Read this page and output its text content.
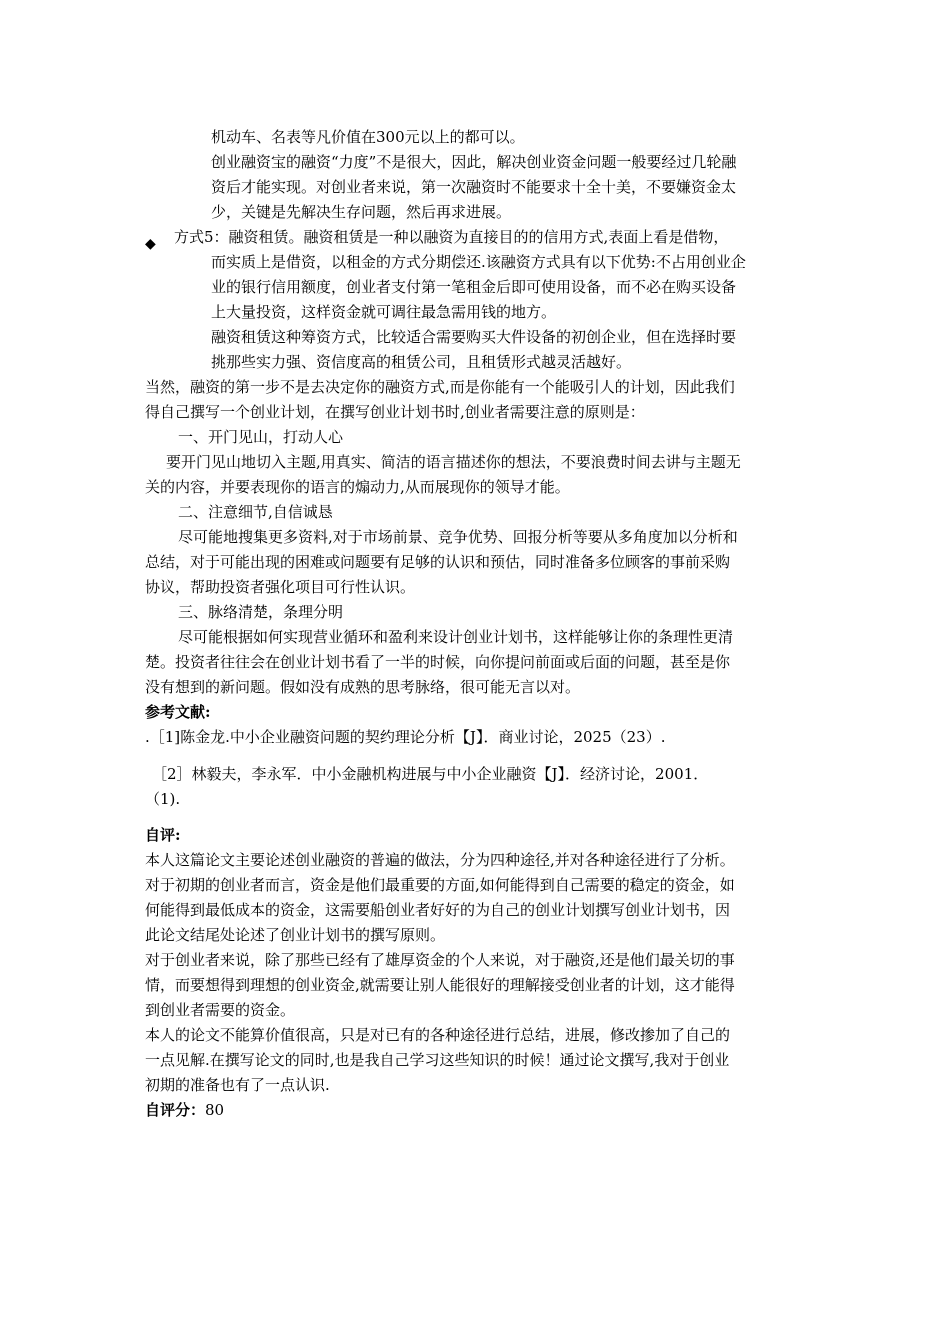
机动车、名表等凡价值在300元以上的都可以。
创业融资宝的融资“力度”不是很大，因此，解决创业资金问题一般要经过几轮融
资后才能实现。对创业者来说，第一次融资时不能要求十全十美，不要嫌资金太
少，关键是先解决生存问题，然后再求进展。
◆ 方式5：融资租赁。融资租赁是一种以融资为直接目的的信用方式,表面上看是借物，
而实质上是借资，以租金的方式分期偿还.该融资方式具有以下优势:不占用创业企
业的银行信用额度，创业者支付第一笔租金后即可使用设备，而不必在购买设备
上大量投资，这样资金就可调往最急需用钱的地方。
融资租赁这种筹资方式，比较适合需要购买大件设备的初创企业，但在选择时要
挑那些实力强、资信度高的租赁公司，且租赁形式越灵活越好。
当然，融资的第一步不是去决定你的融资方式,而是你能有一个能吸引人的计划，因此我们
得自己撰写一个创业计划，在撰写创业计划书时,创业者需要注意的原则是：
一、开门见山，打动人心
要开门见山地切入主题,用真实、简洁的语言描述你的想法，不要浪费时间去讲与主题无
关的内容，并要表现你的语言的煽动力,从而展现你的领导才能。
二、注意细节,自信诚恳
尽可能地搜集更多资料,对于市场前景、竞争优势、回报分析等要从多角度加以分析和
总结，对于可能出现的困难或问题要有足够的认识和预估，同时准备多位顾客的事前采购
协议，帮助投资者强化项目可行性认识。
三、脉络清楚，条理分明
尽可能根据如何实现营业循环和盈利来设计创业计划书，这样能够让你的条理性更清
楚。投资者往往会在创业计划书看了一半的时候，向你提问前面或后面的问题，甚至是你
没有想到的新问题。假如没有成熟的思考脉络，很可能无言以对。
参考文献:
.［1]陈金龙.中小企业融资问题的契约理论分析【J】．商业讨论，2025（23）.
［2］林毅夫，李永军．中小金融机构进展与中小企业融资【J】．经济讨论，2001．
（1).
自评:
本人这篇论文主要论述创业融资的普遍的做法，分为四种途径,并对各种途径进行了分析。
对于初期的创业者而言，资金是他们最重要的方面,如何能得到自己需要的稳定的资金，如
何能得到最低成本的资金，这需要船创业者好好的为自己的创业计划撰写创业计划书，因
此论文结尾处论述了创业计划书的撰写原则。
对于创业者来说，除了那些已经有了雄厚资金的个人来说，对于融资,还是他们最关切的事
情，而要想得到理想的创业资金,就需要让别人能很好的理解接受创业者的计划，这才能得
到创业者需要的资金。
本人的论文不能算价值很高，只是对已有的各种途径进行总结，进展，修改掺加了自己的
一点见解.在撰写论文的同时,也是我自己学习这些知识的时候！通过论文撰写,我对于创业
初期的准备也有了一点认识.
自评分：80
